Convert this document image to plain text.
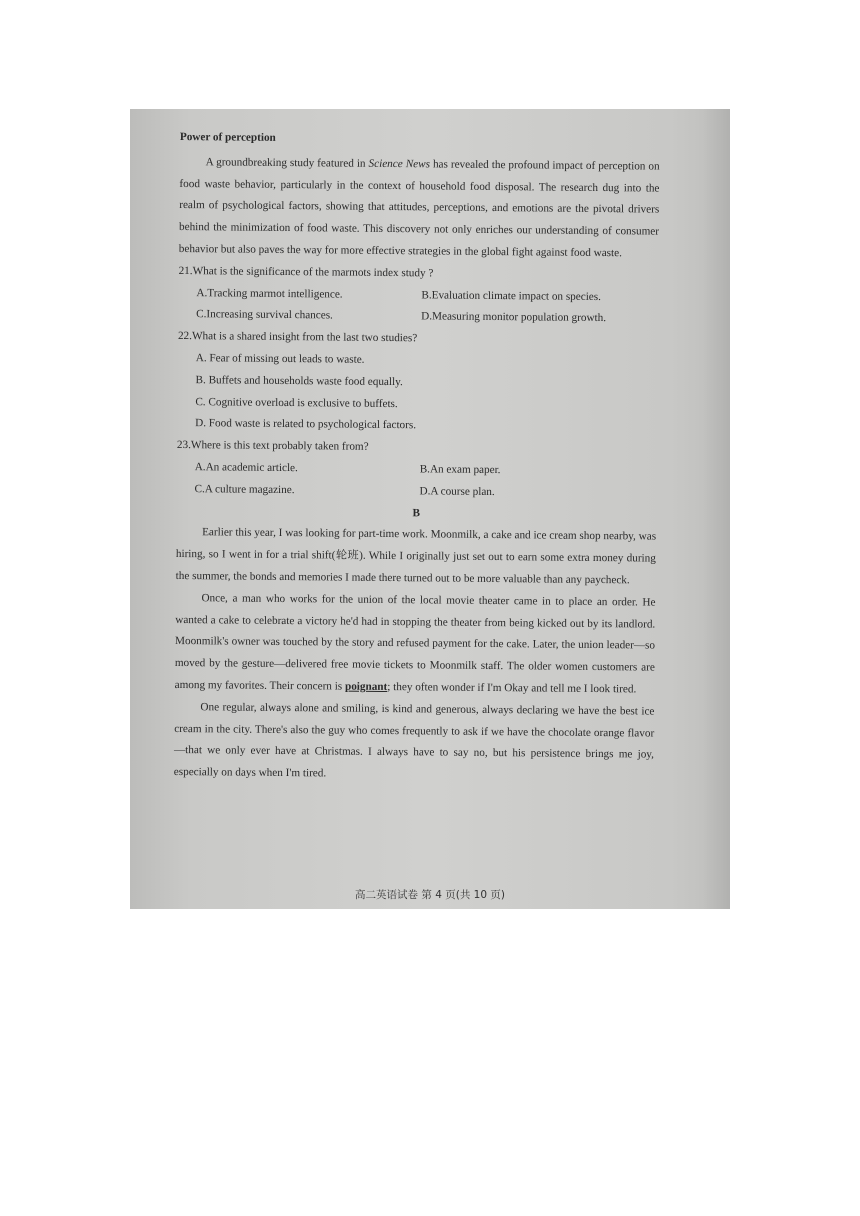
Power of perception

A groundbreaking study featured in Science News has revealed the profound impact of perception on food waste behavior, particularly in the context of household food disposal. The research dug into the realm of psychological factors, showing that attitudes, perceptions, and emotions are the pivotal drivers behind the minimization of food waste. This discovery not only enriches our understanding of consumer behavior but also paves the way for more effective strategies in the global fight against food waste.

21.What is the significance of the marmots index study ?

A.Tracking marmot intelligence.	B.Evaluation climate impact on species.
C.Increasing survival chances.	D.Measuring monitor population growth.

22.What is a shared insight from the last two studies?

A. Fear of missing out leads to waste.

B. Buffets and households waste food equally.

C. Cognitive overload is exclusive to buffets.

D. Food waste is related to psychological factors.

23.Where is this text probably taken from?

A.An academic article.	B.An exam paper.
C.A culture magazine.	D.A course plan.

B

Earlier this year, I was looking for part-time work. Moonmilk, a cake and ice cream shop nearby, was hiring, so I went in for a trial shift(轮班). While I originally just set out to earn some extra money during the summer, the bonds and memories I made there turned out to be more valuable than any paycheck.

Once, a man who works for the union of the local movie theater came in to place an order. He wanted a cake to celebrate a victory he'd had in stopping the theater from being kicked out by its landlord. Moonmilk's owner was touched by the story and refused payment for the cake. Later, the union leader—so moved by the gesture—delivered free movie tickets to Moonmilk staff. The older women customers are among my favorites. Their concern is poignant; they often wonder if I'm Okay and tell me I look tired.

One regular, always alone and smiling, is kind and generous, always declaring we have the best ice cream in the city. There's also the guy who comes frequently to ask if we have the chocolate orange flavor—that we only ever have at Christmas. I always have to say no, but his persistence brings me joy, especially on days when I'm tired.

高二英语试卷 第 4 页(共 10 页)
